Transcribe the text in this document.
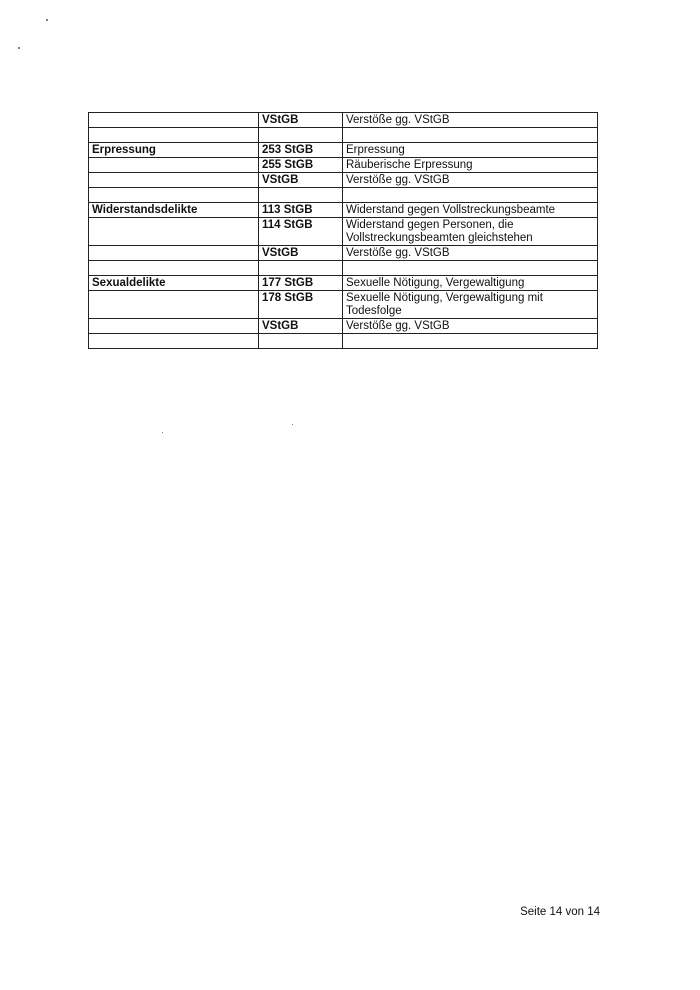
	VStGB	Verstöße gg. VStGB

Erpressung	253 StGB	Erpressung
	255 StGB	Räuberische Erpressung
	VStGB	Verstöße gg. VStGB

Widerstandsdelikte	113 StGB	Widerstand gegen Vollstreckungsbeamte
	114 StGB	Widerstand gegen Personen, die Vollstreckungsbeamten gleichstehen
	VStGB	Verstöße gg. VStGB

Sexualdelikte	177 StGB	Sexuelle Nötigung, Vergewaltigung
	178 StGB	Sexuelle Nötigung, Vergewaltigung mit Todesfolge
	VStGB	Verstöße gg. VStGB

Seite 14 von 14
